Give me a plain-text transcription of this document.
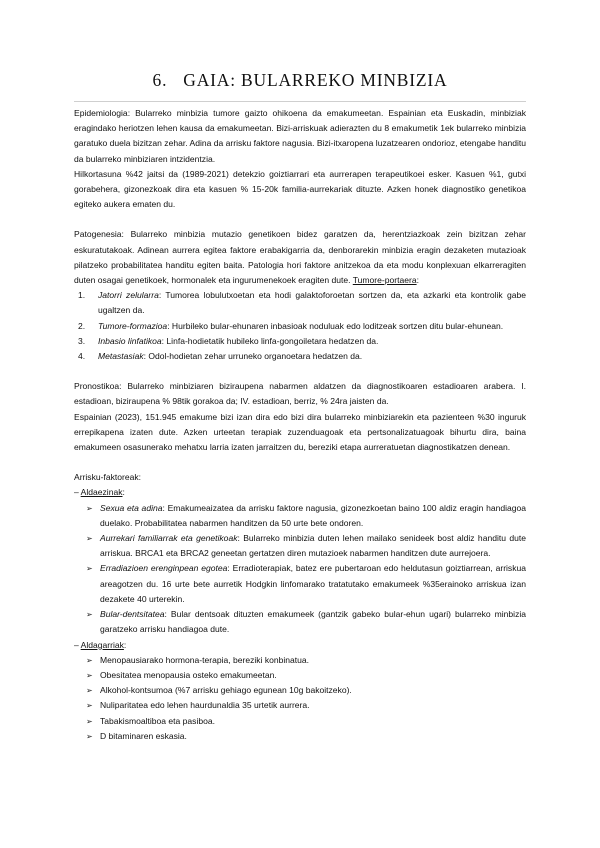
6. GAIA: BULARREKO MINBIZIA

Epidemiologia: Bularreko minbizia tumore gaizto ohikoena da emakumeetan. Espainian eta Euskadin, minbiziak eragindako heriotzen lehen kausa da emakumeetan. Bizi-arriskuak adierazten du 8 emakumetik 1ek bularreko minbizia garatuko duela bizitzan zehar. Adina da arrisku faktore nagusia. Bizi-itxaropena luzatzearen ondorioz, etengabe handitu da bularreko minbiziaren intzidentzia.

Hilkortasuna %42 jaitsi da (1989-2021) detekzio goiztiarrari eta aurrerapen terapeutikoei esker. Kasuen %1, gutxi gorabehera, gizonezkoak dira eta kasuen % 15-20k familia-aurrekariak dituzte. Azken honek diagnostiko genetikoa egiteko aukera ematen du.

Patogenesia: Bularreko minbizia mutazio genetikoen bidez garatzen da, herentziazkoak zein bizitzan zehar eskuratutakoak. Adinean aurrera egitea faktore erabakigarria da, denborarekin minbizia eragin dezaketen mutazioak pilatzeko probabilitatea handitu egiten baita. Patologia hori faktore anitzekoa da eta modu konplexuan elkarreragiten duten osagai genetikoek, hormonalek eta ingurumenekoek eragiten dute. Tumore-portaera:

1. Jatorri zelularra: Tumorea lobulutxoetan eta hodi galaktoforoetan sortzen da, eta azkarki eta kontrolik gabe ugaltzen da.
2. Tumore-formazioa: Hurbileko bular-ehunaren inbasioak noduluak edo loditzeak sortzen ditu bular-ehunean.
3. Inbasio linfatikoa: Linfa-hodietatik hubileko linfa-gongoiletara hedatzen da.
4. Metastasiak: Odol-hodietan zehar urruneko organoetara hedatzen da.

Pronostikoa: Bularreko minbiziaren biziraupena nabarmen aldatzen da diagnostikoaren estadioaren arabera. I. estadioan, biziraupena % 98tik gorakoa da; IV. estadioan, berriz, % 24ra jaisten da.

Espainian (2023), 151.945 emakume bizi izan dira edo bizi dira bularreko minbiziarekin eta pazienteen %30 inguruk errepikapena izaten dute. Azken urteetan terapiak zuzenduagoak eta pertsonalizatuagoak bihurtu dira, baina emakumeen osasunerako mehatxu larria izaten jarraitzen du, bereziki etapa aurreratuetan diagnostikatzen denean.

Arrisku-faktoreak:

– Aldaezinak:

➢ Sexua eta adina: Emakumeaizatea da arrisku faktore nagusia, gizonezkoetan baino 100 aldiz eragin handiagoa duelako. Probabilitatea nabarmen handitzen da 50 urte bete ondoren.
➢ Aurrekari familiarrak eta genetikoak: Bularreko minbizia duten lehen mailako senideek bost aldiz handitu dute arriskua. BRCA1 eta BRCA2 geneetan gertatzen diren mutazioek nabarmen handitzen dute aurrejoera.
➢ Erradiazioen erenginpean egotea: Erradioterapiak, batez ere pubertaroan edo heldutasun goiztiarrean, arriskua areagotzen du. 16 urte bete aurretik Hodgkin linfomarako tratatutako emakumeek %35erainoko arriskua izan dezakete 40 urterekin.
➢ Bular-dentsitatea: Bular dentsoak dituzten emakumeek (gantzik gabeko bular-ehun ugari) bularreko minbizia garatzeko arrisku handiagoa dute.

– Aldagarriak:

➢ Menopausiarako hormona-terapia, bereziki konbinatua.
➢ Obesitatea menopausia osteko emakumeetan.
➢ Alkohol-kontsumoa (%7 arrisku gehiago egunean 10g bakoitzeko).
➢ Nuliparitatea edo lehen haurdunaldia 35 urtetik aurrera.
➢ Tabakismoaltiboa eta pasiboa.
➢ D bitaminaren eskasia.
